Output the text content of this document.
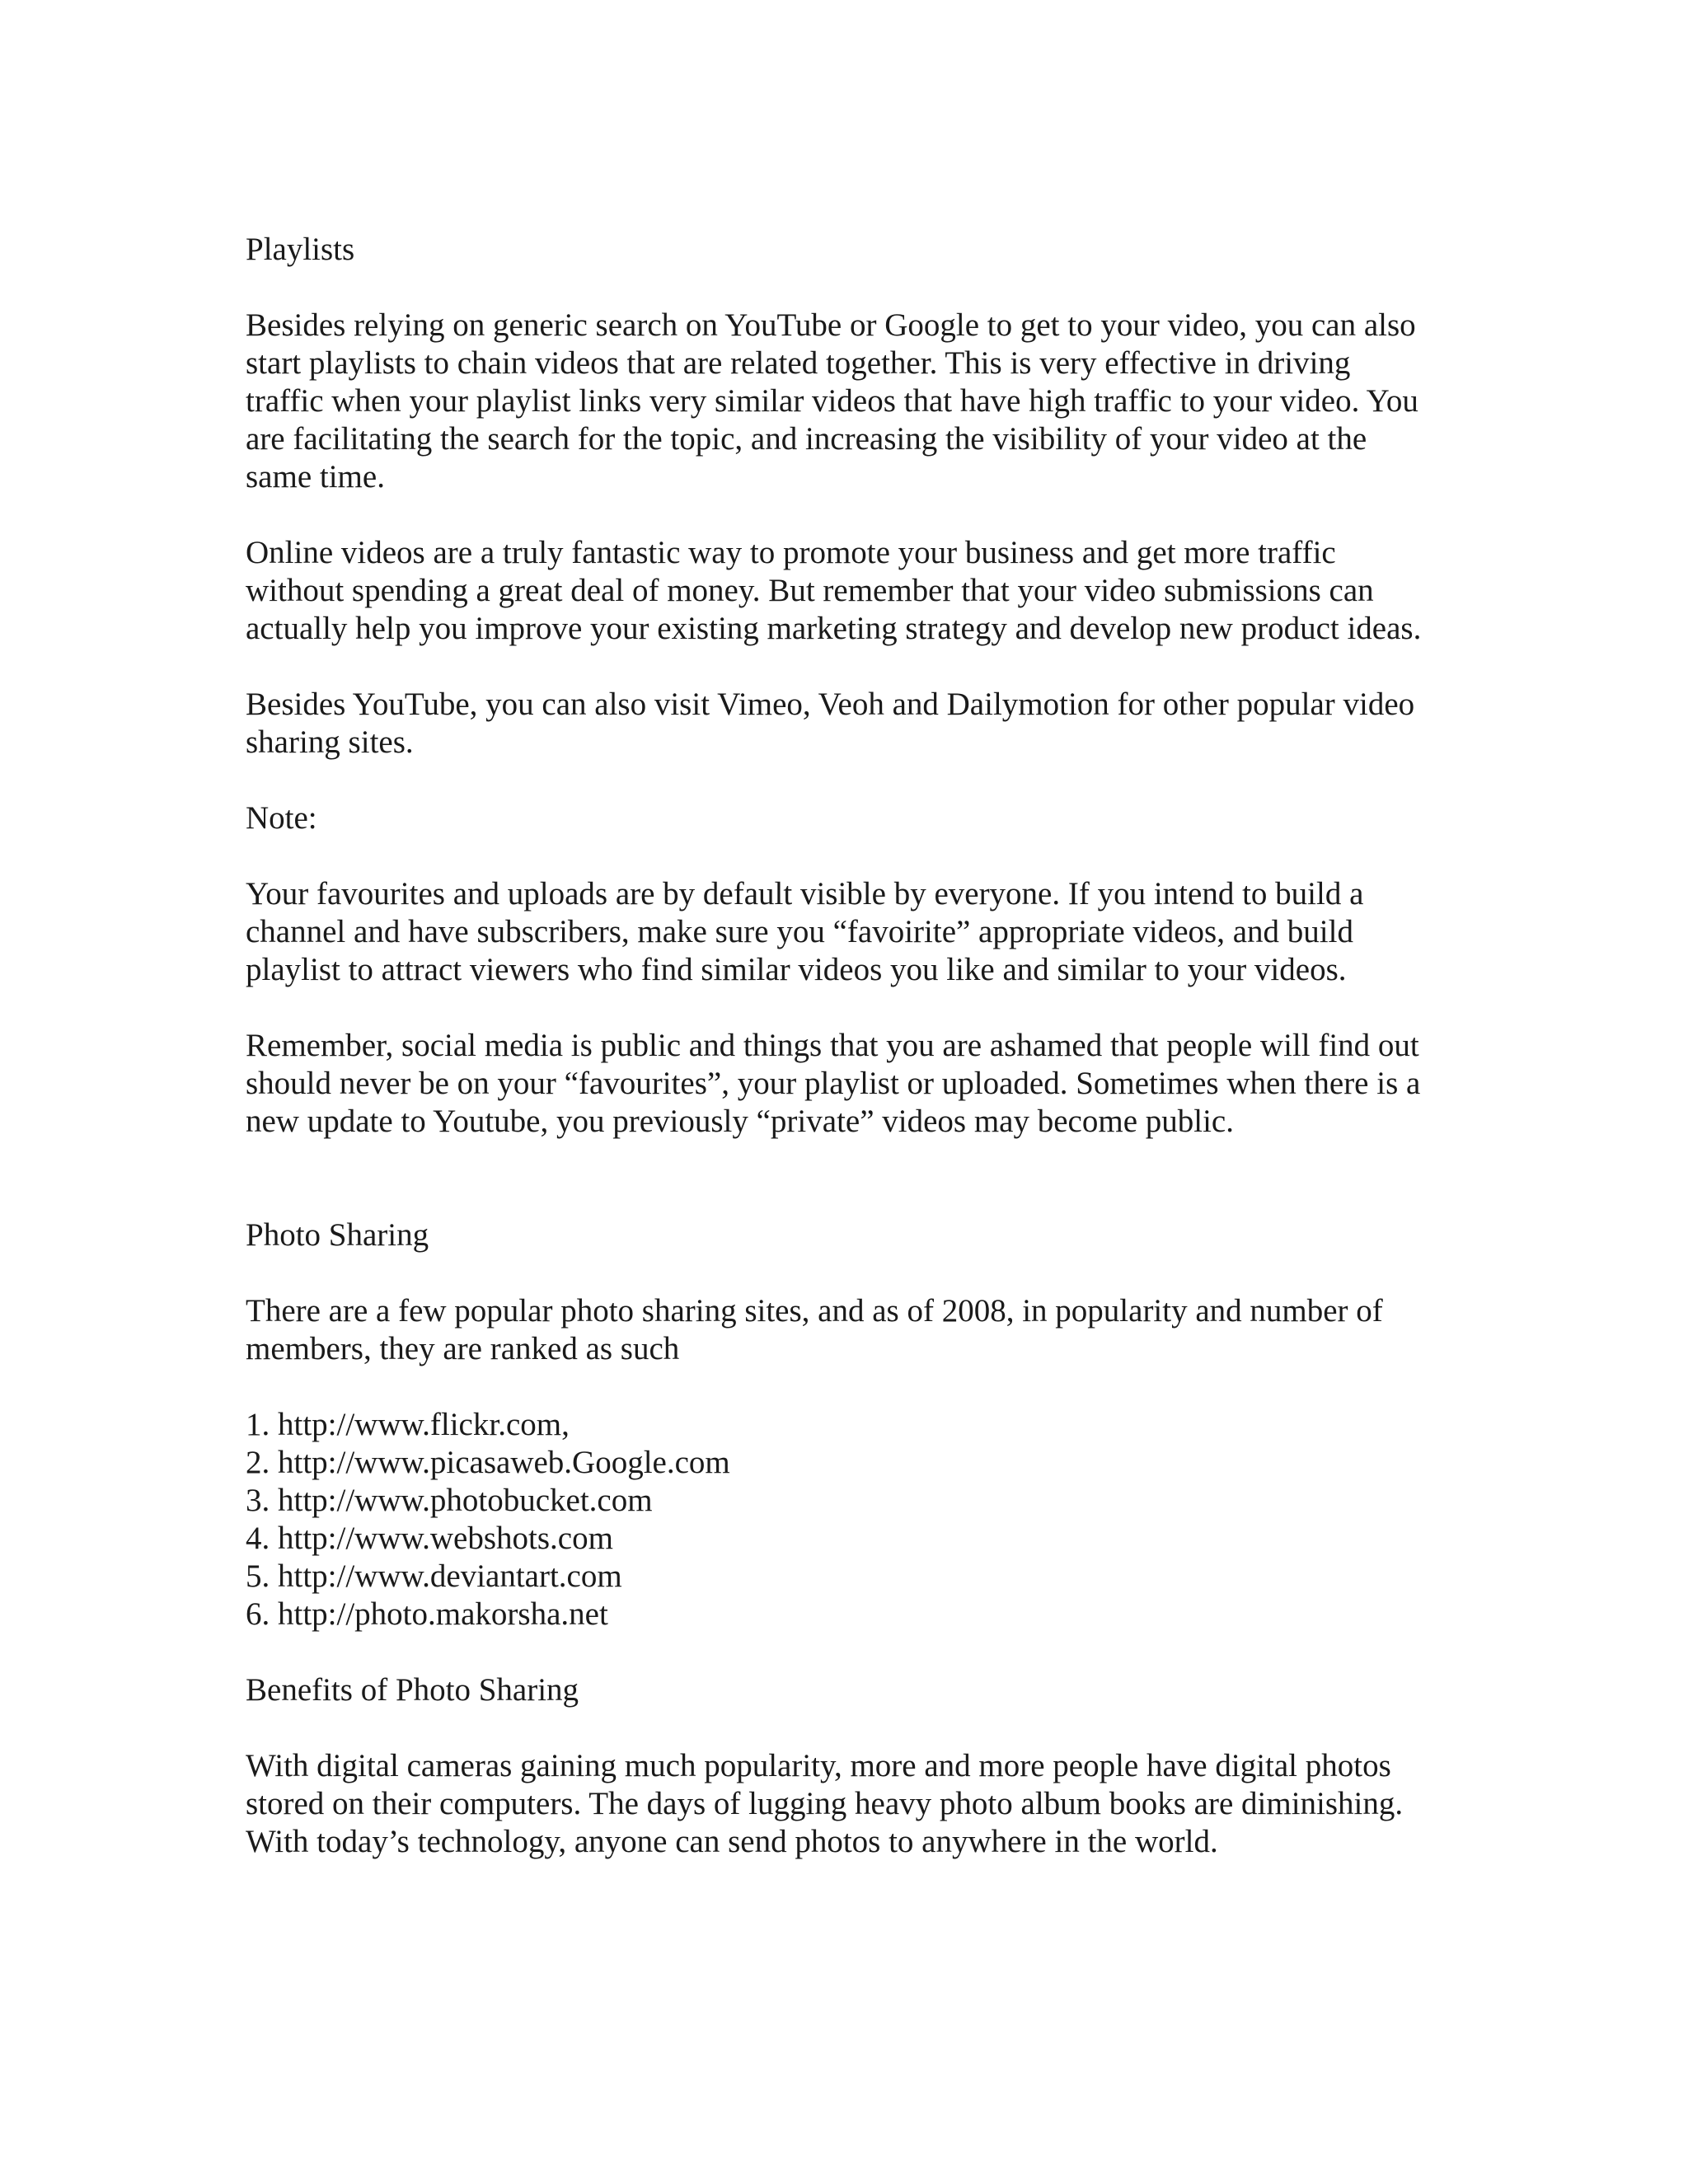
Playlists

Besides relying on generic search on YouTube or Google to get to your video, you can also start playlists to chain videos that are related together. This is very effective in driving traffic when your playlist links very similar videos that have high traffic to your video. You are facilitating the search for the topic, and increasing the visibility of your video at the same time.

Online videos are a truly fantastic way to promote your business and get more traffic without spending a great deal of money. But remember that your video submissions can actually help you improve your existing marketing strategy and develop new product ideas.

Besides YouTube, you can also visit Vimeo, Veoh and Dailymotion for other popular video sharing sites.

Note:

Your favourites and uploads are by default visible by everyone. If you intend to build a channel and have subscribers, make sure you “favoirite” appropriate videos, and build playlist to attract viewers who find similar videos you like and similar to your videos.

Remember, social media is public and things that you are ashamed that people will find out should never be on your “favourites”, your playlist or uploaded. Sometimes when there is a new update to Youtube, you previously “private” videos may become public.

Photo Sharing

There are a few popular photo sharing sites, and as of 2008, in popularity and number of members, they are ranked as such

1. http://www.flickr.com,
2. http://www.picasaweb.Google.com
3. http://www.photobucket.com
4. http://www.webshots.com
5. http://www.deviantart.com
6. http://photo.makorsha.net
Benefits of Photo Sharing

With digital cameras gaining much popularity, more and more people have digital photos stored on their computers. The days of lugging heavy photo album books are diminishing. With today’s technology, anyone can send photos to anywhere in the world.
